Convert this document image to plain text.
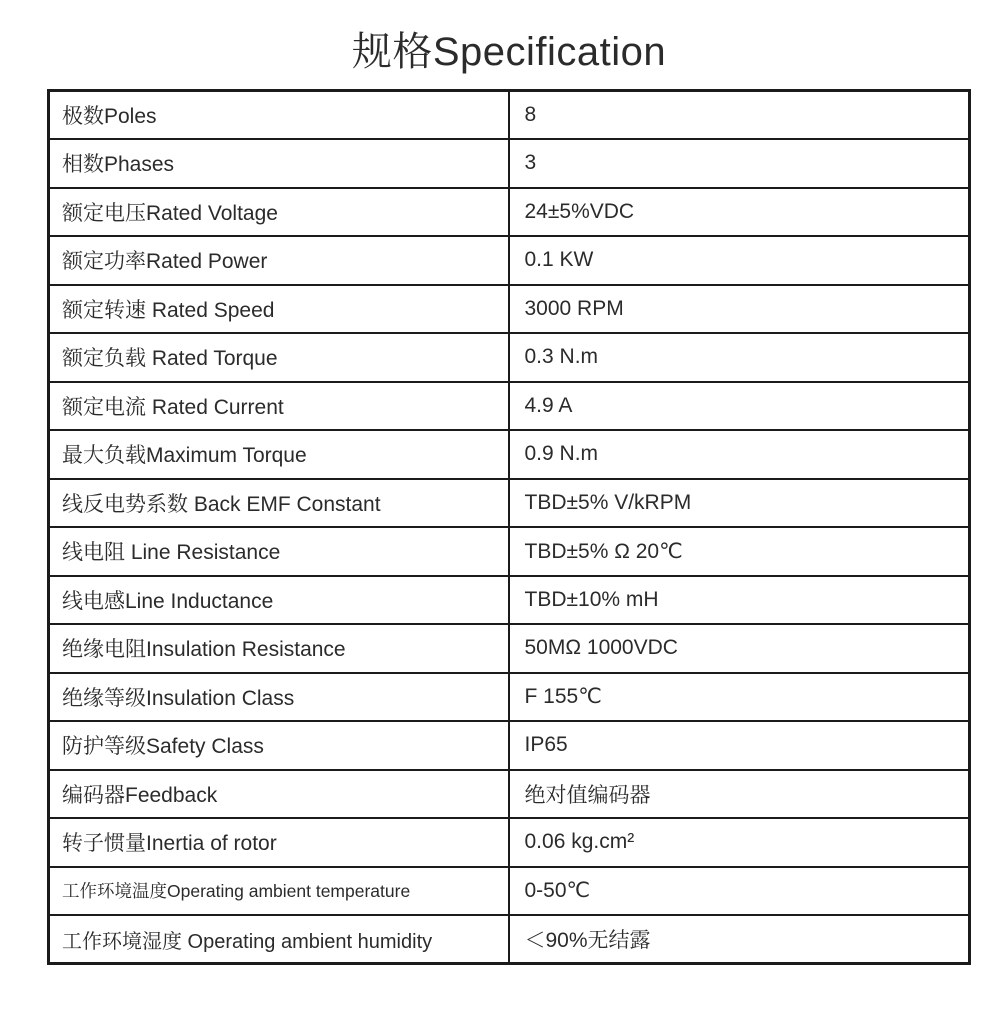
规格Specification
极数Poles	8
相数Phases	3
额定电压Rated Voltage	24±5%VDC
额定功率Rated Power	0.1 KW
额定转速 Rated Speed	3000 RPM
额定负载 Rated Torque	0.3 N.m
额定电流 Rated Current	4.9 A
最大负载Maximum Torque	0.9 N.m
线反电势系数 Back EMF Constant	TBD±5% V/kRPM
线电阻 Line Resistance	TBD±5% Ω 20℃
线电感Line Inductance	TBD±10% mH
绝缘电阻Insulation Resistance	50MΩ 1000VDC
绝缘等级Insulation Class	F 155℃
防护等级Safety Class	IP65
编码器Feedback	绝对值编码器
转子惯量Inertia of rotor	0.06 kg.cm²
工作环境温度Operating ambient temperature	0-50℃
工作环境湿度 Operating ambient humidity	＜90%无结露
